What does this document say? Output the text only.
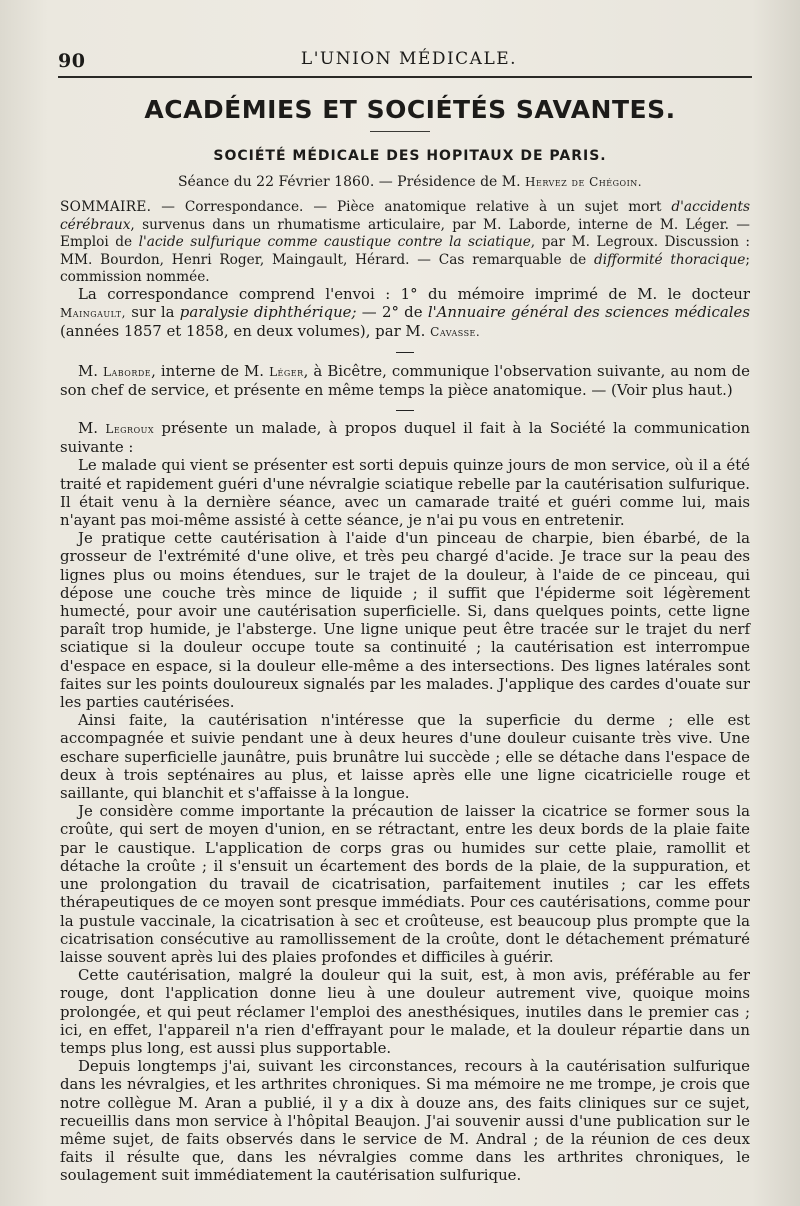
90	L'UNION MÉDICALE.
ACADÉMIES ET SOCIÉTÉS SAVANTES.
SOCIÉTÉ MÉDICALE DES HOPITAUX DE PARIS.
Séance du 22 Février 1860. — Présidence de M. Hervez de Chégoin.
SOMMAIRE. — Correspondance. — Pièce anatomique relative à un sujet mort d'accidents cérébraux, survenus dans un rhumatisme articulaire, par M. Laborde, interne de M. Léger. — Emploi de l'acide sulfurique comme caustique contre la sciatique, par M. Legroux. Discussion : MM. Bourdon, Henri Roger, Maingault, Hérard. — Cas remarquable de difformité thoracique; commission nommée.

La correspondance comprend l'envoi : 1° du mémoire imprimé de M. le docteur Maingault, sur la paralysie diphthérique; — 2° de l'Annuaire général des sciences médicales (années 1857 et 1858, en deux volumes), par M. Cavasse.

M. Laborde, interne de M. Léger, à Bicêtre, communique l'observation suivante, au nom de son chef de service, et présente en même temps la pièce anatomique. — (Voir plus haut.)

M. Legroux présente un malade, à propos duquel il fait à la Société la communication suivante :

Le malade qui vient se présenter est sorti depuis quinze jours de mon service, où il a été traité et rapidement guéri d'une névralgie sciatique rebelle par la cautérisation sulfurique. Il était venu à la dernière séance, avec un camarade traité et guéri comme lui, mais n'ayant pas moi-même assisté à cette séance, je n'ai pu vous en entretenir.

Je pratique cette cautérisation à l'aide d'un pinceau de charpie, bien ébarbé, de la grosseur de l'extrémité d'une olive, et très peu chargé d'acide. Je trace sur la peau des lignes plus ou moins étendues, sur le trajet de la douleur, à l'aide de ce pinceau, qui dépose une couche très mince de liquide ; il suffit que l'épiderme soit légèrement humecté, pour avoir une cautérisation superficielle. Si, dans quelques points, cette ligne paraît trop humide, je l'absterge. Une ligne unique peut être tracée sur le trajet du nerf sciatique si la douleur occupe toute sa continuité ; la cautérisation est interrompue d'espace en espace, si la douleur elle-même a des intersections. Des lignes latérales sont faites sur les points douloureux signalés par les malades. J'applique des cardes d'ouate sur les parties cautérisées.

Ainsi faite, la cautérisation n'intéresse que la superficie du derme ; elle est accompagnée et suivie pendant une à deux heures d'une douleur cuisante très vive. Une eschare superficielle jaunâtre, puis brunâtre lui succède ; elle se détache dans l'espace de deux à trois septénaires au plus, et laisse après elle une ligne cicatricielle rouge et saillante, qui blanchit et s'affaisse à la longue.

Je considère comme importante la précaution de laisser la cicatrice se former sous la croûte, qui sert de moyen d'union, en se rétractant, entre les deux bords de la plaie faite par le caustique. L'application de corps gras ou humides sur cette plaie, ramollit et détache la croûte ; il s'ensuit un écartement des bords de la plaie, de la suppuration, et une prolongation du travail de cicatrisation, parfaitement inutiles ; car les effets thérapeutiques de ce moyen sont presque immédiats. Pour ces cautérisations, comme pour la pustule vaccinale, la cicatrisation à sec et croûteuse, est beaucoup plus prompte que la cicatrisation consécutive au ramollissement de la croûte, dont le détachement prématuré laisse souvent après lui des plaies profondes et difficiles à guérir.

Cette cautérisation, malgré la douleur qui la suit, est, à mon avis, préférable au fer rouge, dont l'application donne lieu à une douleur autrement vive, quoique moins prolongée, et qui peut réclamer l'emploi des anesthésiques, inutiles dans le premier cas ; ici, en effet, l'appareil n'a rien d'effrayant pour le malade, et la douleur répartie dans un temps plus long, est aussi plus supportable.

Depuis longtemps j'ai, suivant les circonstances, recours à la cautérisation sulfurique dans les névralgies, et les arthrites chroniques. Si ma mémoire ne me trompe, je crois que notre collègue M. Aran a publié, il y a dix à douze ans, des faits cliniques sur ce sujet, recueillis dans mon service à l'hôpital Beaujon. J'ai souvenir aussi d'une publication sur le même sujet, de faits observés dans le service de M. Andral ; de la réunion de ces deux faits il résulte que, dans les névralgies comme dans les arthrites chroniques, le soulagement suit immédiatement la cautérisation sulfurique.
